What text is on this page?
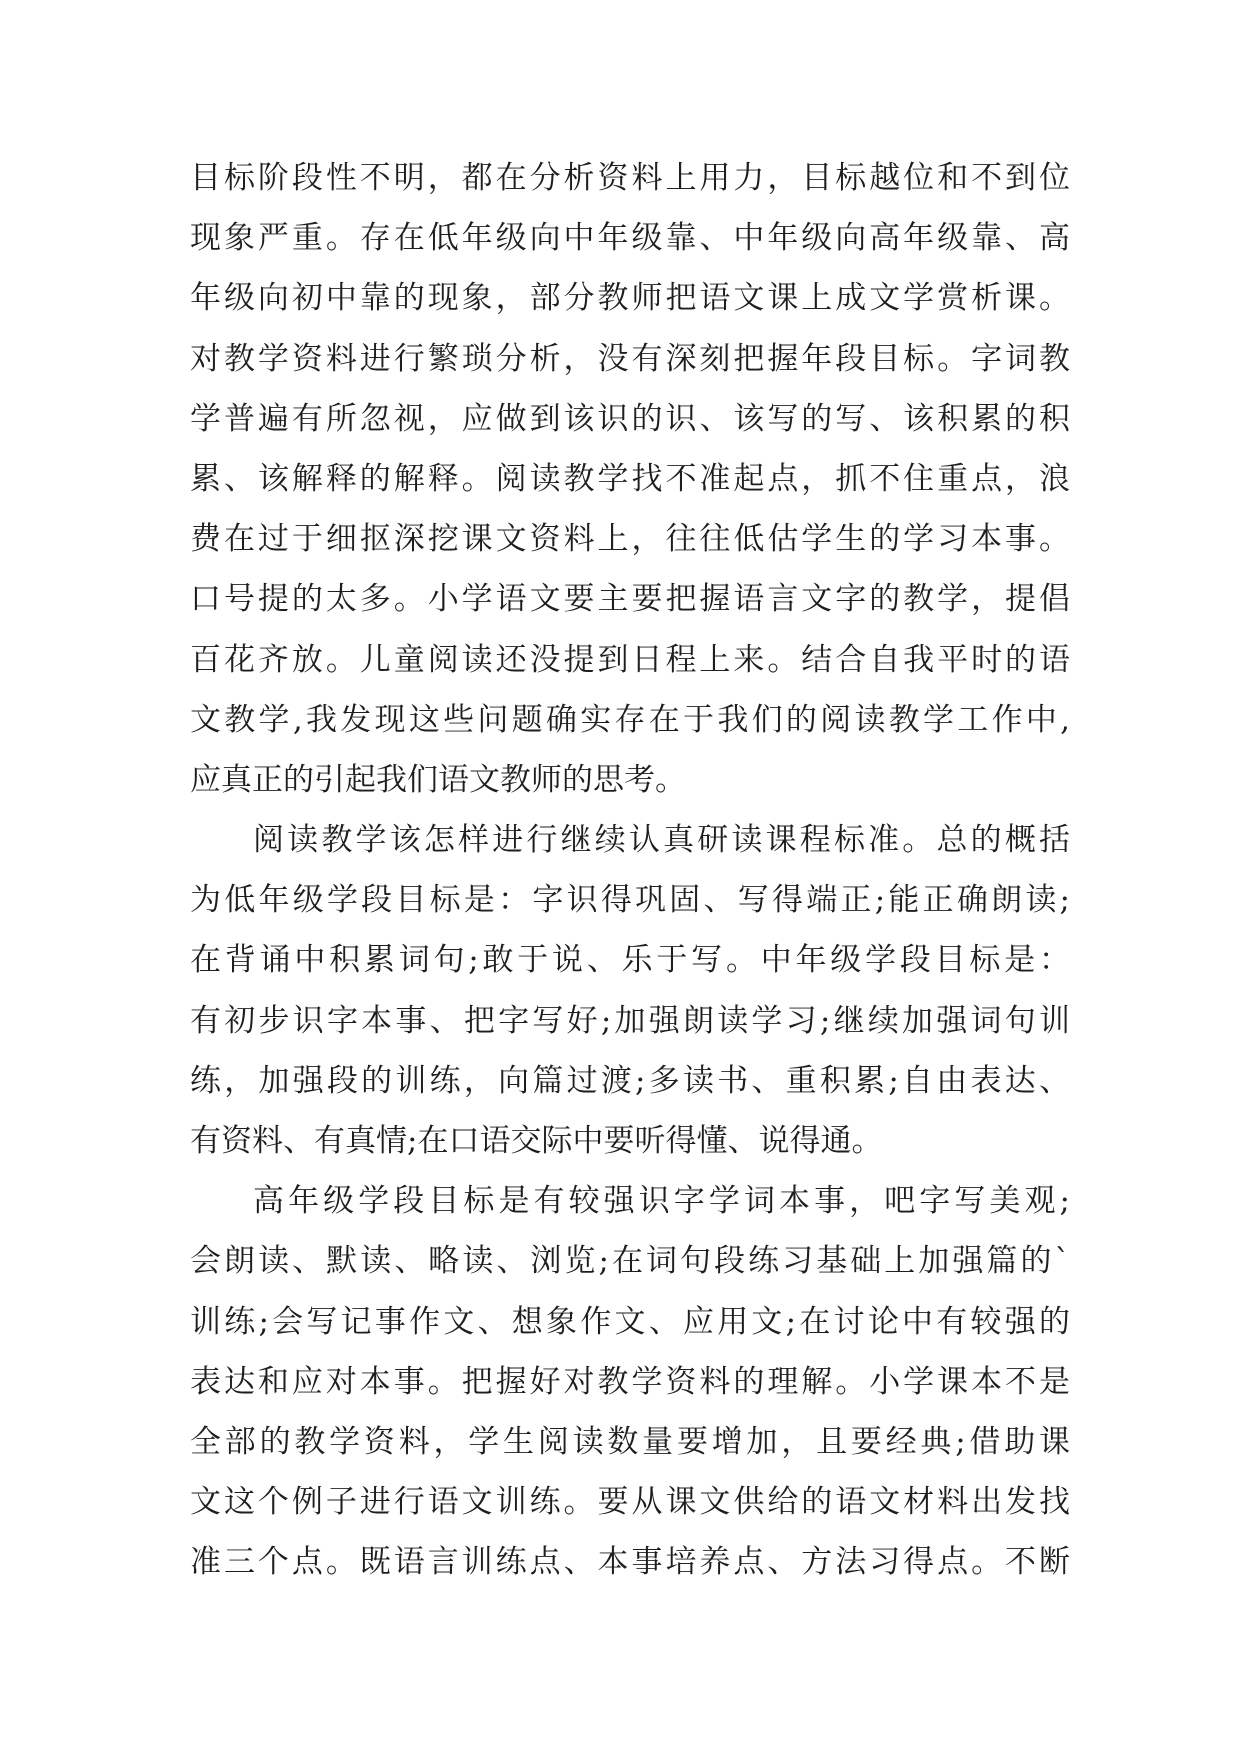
目标阶段性不明，都在分析资料上用力，目标越位和不到位
现象严重。存在低年级向中年级靠、中年级向高年级靠、高
年级向初中靠的现象，部分教师把语文课上成文学赏析课。
对教学资料进行繁琐分析，没有深刻把握年段目标。字词教
学普遍有所忽视，应做到该识的识、该写的写、该积累的积
累、该解释的解释。阅读教学找不准起点，抓不住重点，浪
费在过于细抠深挖课文资料上，往往低估学生的学习本事。
口号提的太多。小学语文要主要把握语言文字的教学，提倡
百花齐放。儿童阅读还没提到日程上来。结合自我平时的语
文教学,我发现这些问题确实存在于我们的阅读教学工作中,
应真正的引起我们语文教师的思考。
阅读教学该怎样进行继续认真研读课程标准。总的概括
为低年级学段目标是：字识得巩固、写得端正;能正确朗读;
在背诵中积累词句;敢于说、乐于写。中年级学段目标是：
有初步识字本事、把字写好;加强朗读学习;继续加强词句训
练，加强段的训练，向篇过渡;多读书、重积累;自由表达、
有资料、有真情;在口语交际中要听得懂、说得通。
高年级学段目标是有较强识字学词本事，吧字写美观;
会朗读、默读、略读、浏览;在词句段练习基础上加强篇的`
训练;会写记事作文、想象作文、应用文;在讨论中有较强的
表达和应对本事。把握好对教学资料的理解。小学课本不是
全部的教学资料，学生阅读数量要增加，且要经典;借助课
文这个例子进行语文训练。要从课文供给的语文材料出发找
准三个点。既语言训练点、本事培养点、方法习得点。不断
